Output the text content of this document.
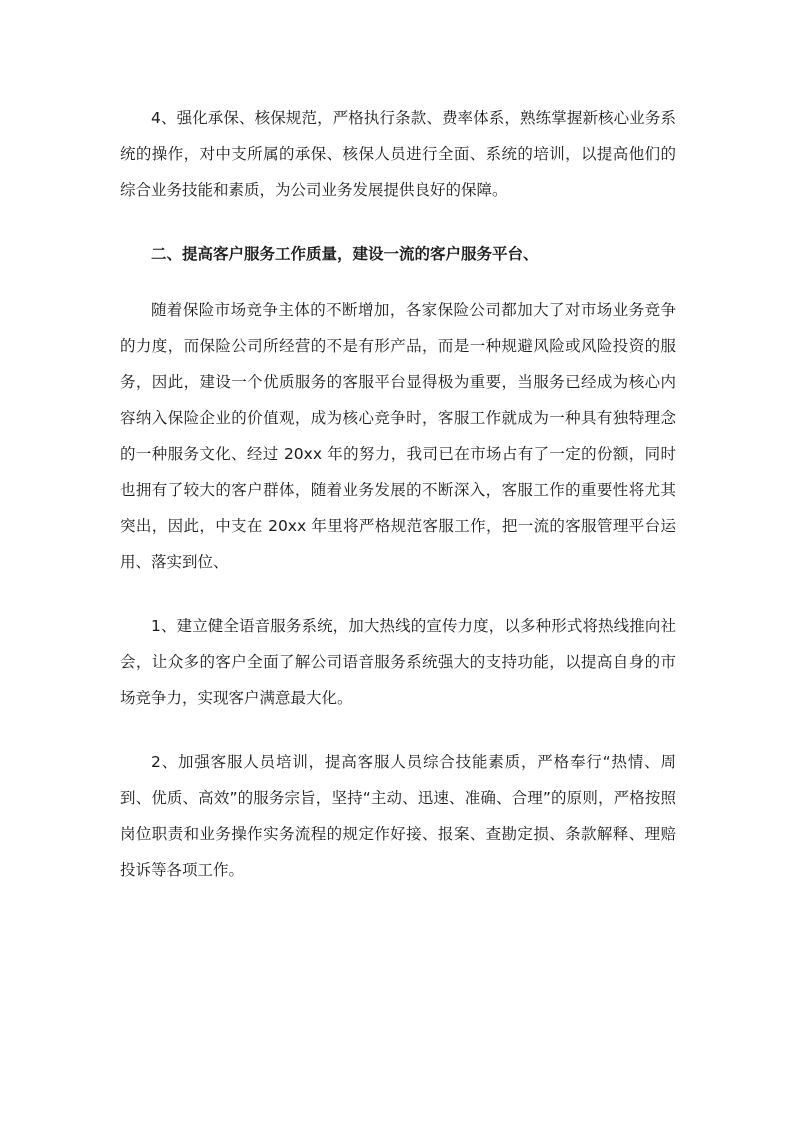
4、强化承保、核保规范，严格执行条款、费率体系，熟练掌握新核心业务系统的操作，对中支所属的承保、核保人员进行全面、系统的培训，以提高他们的综合业务技能和素质，为公司业务发展提供良好的保障。

二、提高客户服务工作质量，建设一流的客户服务平台、

随着保险市场竞争主体的不断增加，各家保险公司都加大了对市场业务竞争的力度，而保险公司所经营的不是有形产品，而是一种规避风险或风险投资的服务，因此，建设一个优质服务的客服平台显得极为重要，当服务已经成为核心内容纳入保险企业的价值观，成为核心竞争时，客服工作就成为一种具有独特理念的一种服务文化、经过 20xx 年的努力，我司已在市场占有了一定的份额，同时也拥有了较大的客户群体，随着业务发展的不断深入，客服工作的重要性将尤其突出，因此，中支在 20xx 年里将严格规范客服工作，把一流的客服管理平台运用、落实到位、

1、建立健全语音服务系统，加大热线的宣传力度，以多种形式将热线推向社会，让众多的客户全面了解公司语音服务系统强大的支持功能，以提高自身的市场竞争力，实现客户满意最大化。

2、加强客服人员培训，提高客服人员综合技能素质，严格奉行“热情、周到、优质、高效”的服务宗旨，坚持“主动、迅速、准确、合理”的原则，严格按照岗位职责和业务操作实务流程的规定作好接、报案、查勘定损、条款解释、理赔投诉等各项工作。
